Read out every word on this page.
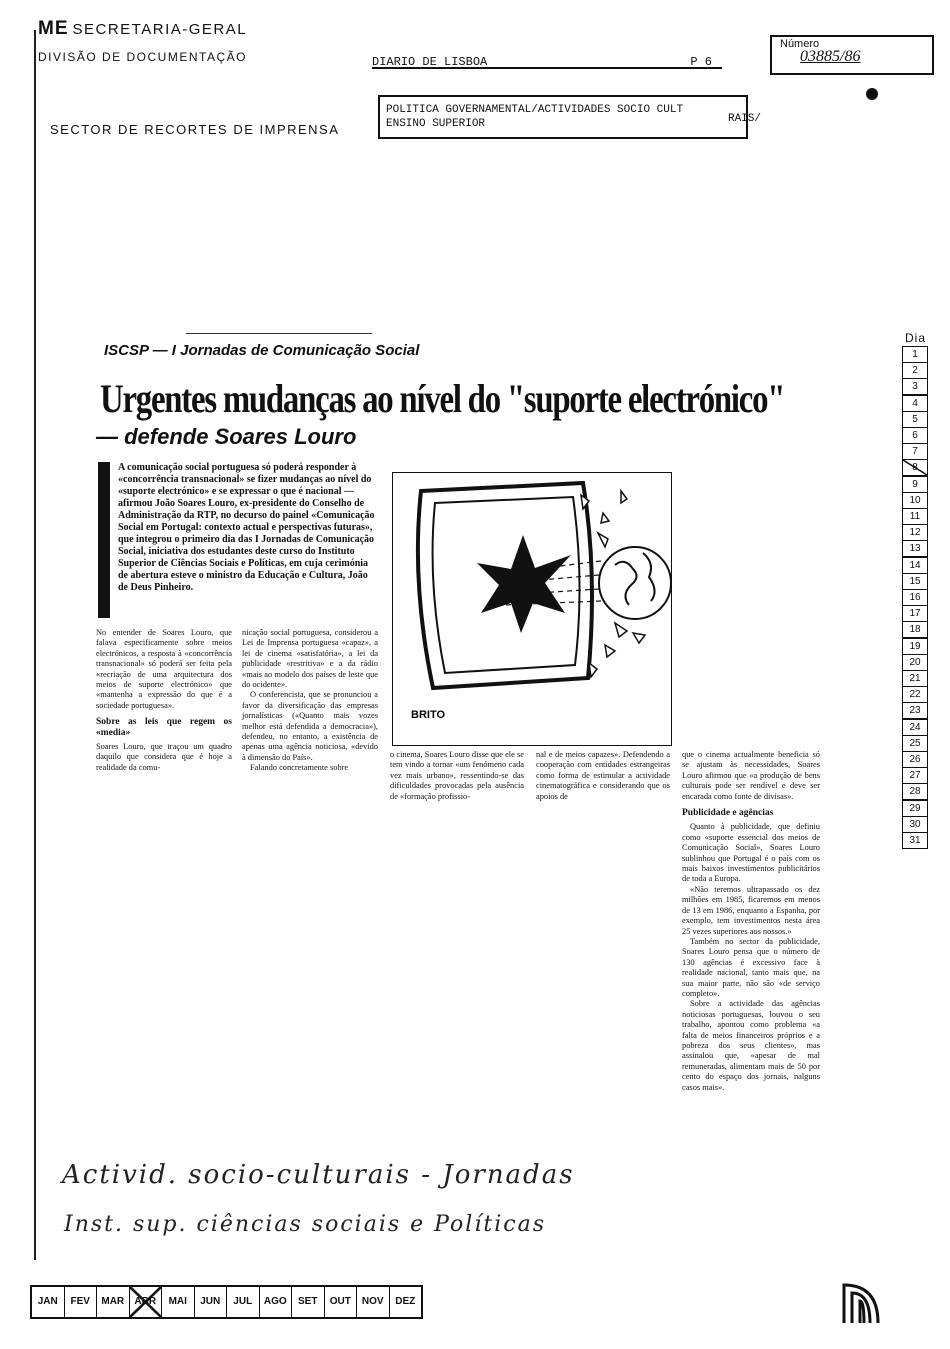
ME SECRETARIA-GERAL
DIVISÃO DE DOCUMENTAÇÃO
SECTOR DE RECORTES DE IMPRENSA
DIARIO DE LISBOA	P 6
Número
03885/86
POLITICA GOVERNAMENTAL/ACTIVIDADES SOCIO CULT
ENSINO SUPERIOR	RAIS/
ISCSP — I Jornadas de Comunicação Social
Urgentes mudanças ao nível do "suporte electrónico"
— defende Soares Louro
A comunicação social portuguesa só poderá responder à «concorrência transnacional» se fizer mudanças ao nível do «suporte electrónico» e se expressar o que é nacional — afirmou João Soares Louro, ex-presidente do Conselho de Administração da RTP, no decurso do painel «Comunicação Social em Portugal: contexto actual e perspectivas futuras», que integrou o primeiro dia das I Jornadas de Comunicação Social, iniciativa dos estudantes deste curso do Instituto Superior de Ciências Sociais e Políticas, em cuja cerimónia de abertura esteve o ministro da Educação e Cultura, João de Deus Pinheiro.

No entender de Soares Louro, que falava especificamente sobre meios electrónicos, a resposta à «concorrência transnacional» só poderá ser feita pela «recriação de uma arquitectura dos meios de suporte electrónico» que «mantenha a expressão do que é a sociedade portuguesa».

Sobre as leis que regem os «media»

Soares Louro, que traçou um quadro daquilo que considera que é hoje a realidade da comu-

nicação social portuguesa, considerou a Lei de Imprensa portuguesa «capaz», a lei de cinema «satisfatória», a lei da publicidade «restritiva» e a da rádio «mais ao modelo dos países de leste que do ocidente».

O conferencista, que se pronunciou a favor da diversificação das empresas jornalísticas («Quanto mais vozes melhor está defendida a democracia»), defendeu, no entanto, a existência de apenas uma agência noticiosa, «devido à dimensão do País».

Falando concretamente sobre

BRITO

o cinema, Soares Louro disse que ele se tem vindo a tornar «um fenómeno cada vez mais urbano», ressentindo-se das dificuldades provocadas pela ausência de «formação profissio-

nal e de meios capazes». Defendendo a cooperação com entidades estrangeiras como forma de estimular a actividade cinematográfica e considerando que os apoios de

que o cinema actualmente beneficia só se ajustam às necessidades, Soares Louro afirmou que «a produção de bens culturais pode ser rendível e deve ser encarada como fonte de divisas».

Publicidade e agências

Quanto à publicidade, que definiu como «suporte essencial dos meios de Comunicação Social», Soares Louro sublinhou que Portugal é o país com os mais baixos investimentos publicitários de toda a Europa.

«Não teremos ultrapassado os dez milhões em 1985, ficaremos em menos de 13 em 1986, enquanto a Espanha, por exemplo, tem investimentos nesta área 25 vezes superiores aos nossos.»

Também no sector da publicidade, Soares Louro pensa que o número de 130 agências é excessivo face à realidade nacional, tanto mais que, na sua maior parte, não são «de serviço completo».

Sobre a actividade das agências noticiosas portuguesas, louvou o seu trabalho, apontou como problema «a falta de meios financeiros próprios e a pobreza dos seus clientes», mas assinalou que, «apesar de mal remuneradas, alimentam mais de 50 por cento do espaço dos jornais, nalguns casos mais».

Dia
1
2
3
4
5
6
7
8
9
10
11
12
13
14
15
16
17
18
19
20
21
22
23
24
25
26
27
28
29
30
31
JAN	FEV	MAR	ABR	MAI	JUN	JUL	AGO	SET	OUT	NOV	DEZ
Activid. socio-culturais - Jornadas
Inst. sup. ciências sociais e Políticas
